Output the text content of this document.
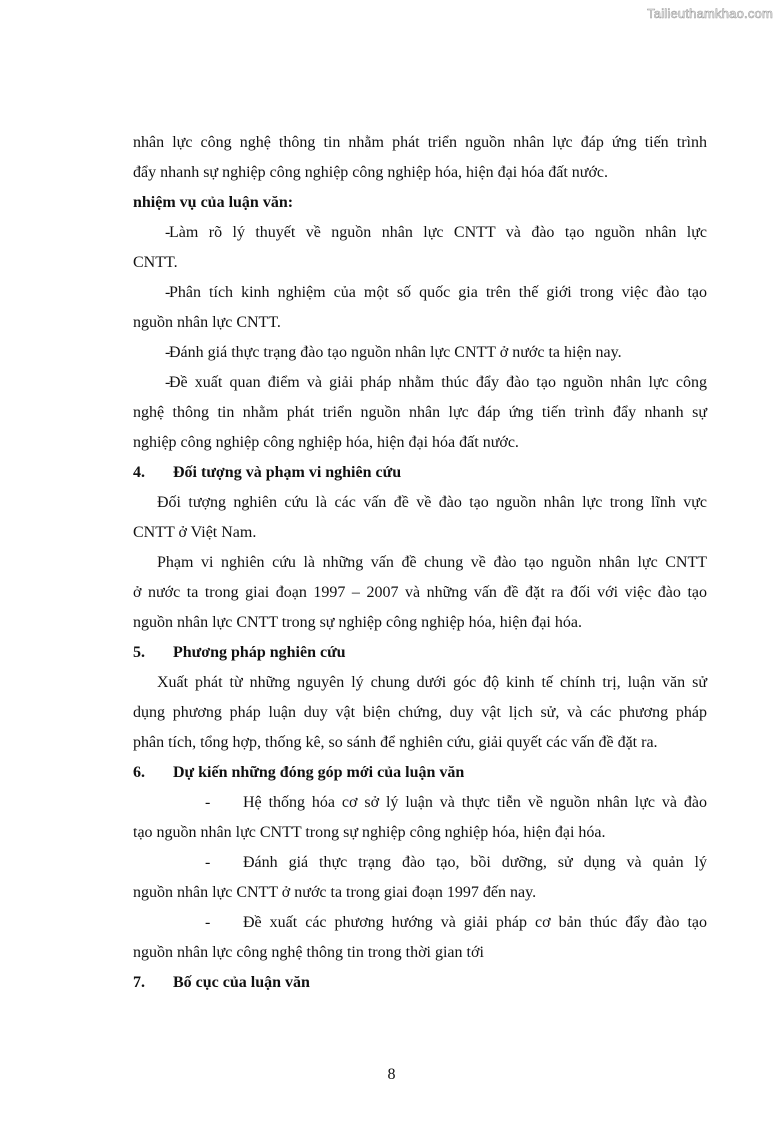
Tailieuthamkhao.com

nhân lực công nghệ thông tin nhằm phát triển nguồn nhân lực đáp ứng tiến trình

đẩy nhanh sự nghiệp công nghiệp công nghiệp hóa, hiện đại hóa đất nước.

nhiệm vụ của luận văn:

-Làm rõ lý thuyết về nguồn nhân lực CNTT và đào tạo nguồn nhân lực

CNTT.

-Phân tích kinh nghiệm của một số quốc gia trên thế giới trong việc đào tạo

nguồn nhân lực CNTT.

-Đánh giá thực trạng đào tạo nguồn nhân lực CNTT ở nước ta hiện nay.

-Đề xuất quan điểm và giải pháp nhằm thúc đẩy đào tạo nguồn nhân lực công

nghệ thông tin nhằm phát triển nguồn nhân lực đáp ứng tiến trình đẩy nhanh sự

nghiệp công nghiệp công nghiệp hóa, hiện đại hóa đất nước.

4. Đối tượng và phạm vi nghiên cứu

Đối tượng nghiên cứu là các vấn đề về đào tạo nguồn nhân lực trong lĩnh vực

CNTT ở Việt Nam.

Phạm vi nghiên cứu là những vấn đề chung về đào tạo nguồn nhân lực CNTT

ở nước ta trong giai đoạn 1997 – 2007 và những vấn đề đặt ra đối với việc đào tạo

nguồn nhân lực CNTT trong sự nghiệp công nghiệp hóa, hiện đại hóa.

5. Phương pháp nghiên cứu

Xuất phát từ những nguyên lý chung dưới góc độ kinh tế chính trị, luận văn sử

dụng phương pháp luận duy vật biện chứng, duy vật lịch sử, và các phương pháp

phân tích, tổng hợp, thống kê, so sánh để nghiên cứu, giải quyết các vấn đề đặt ra.

6. Dự kiến những đóng góp mới của luận văn

- Hệ thống hóa cơ sở lý luận và thực tiễn về nguồn nhân lực và đào

tạo nguồn nhân lực CNTT trong sự nghiệp công nghiệp hóa, hiện đại hóa.

- Đánh giá thực trạng đào tạo, bồi dưỡng, sử dụng và quản lý

nguồn nhân lực CNTT ở nước ta trong giai đoạn 1997 đến nay.

- Đề xuất các phương hướng và giải pháp cơ bản thúc đẩy đào tạo

nguồn nhân lực công nghệ thông tin trong thời gian tới

7. Bố cục của luận văn

8
